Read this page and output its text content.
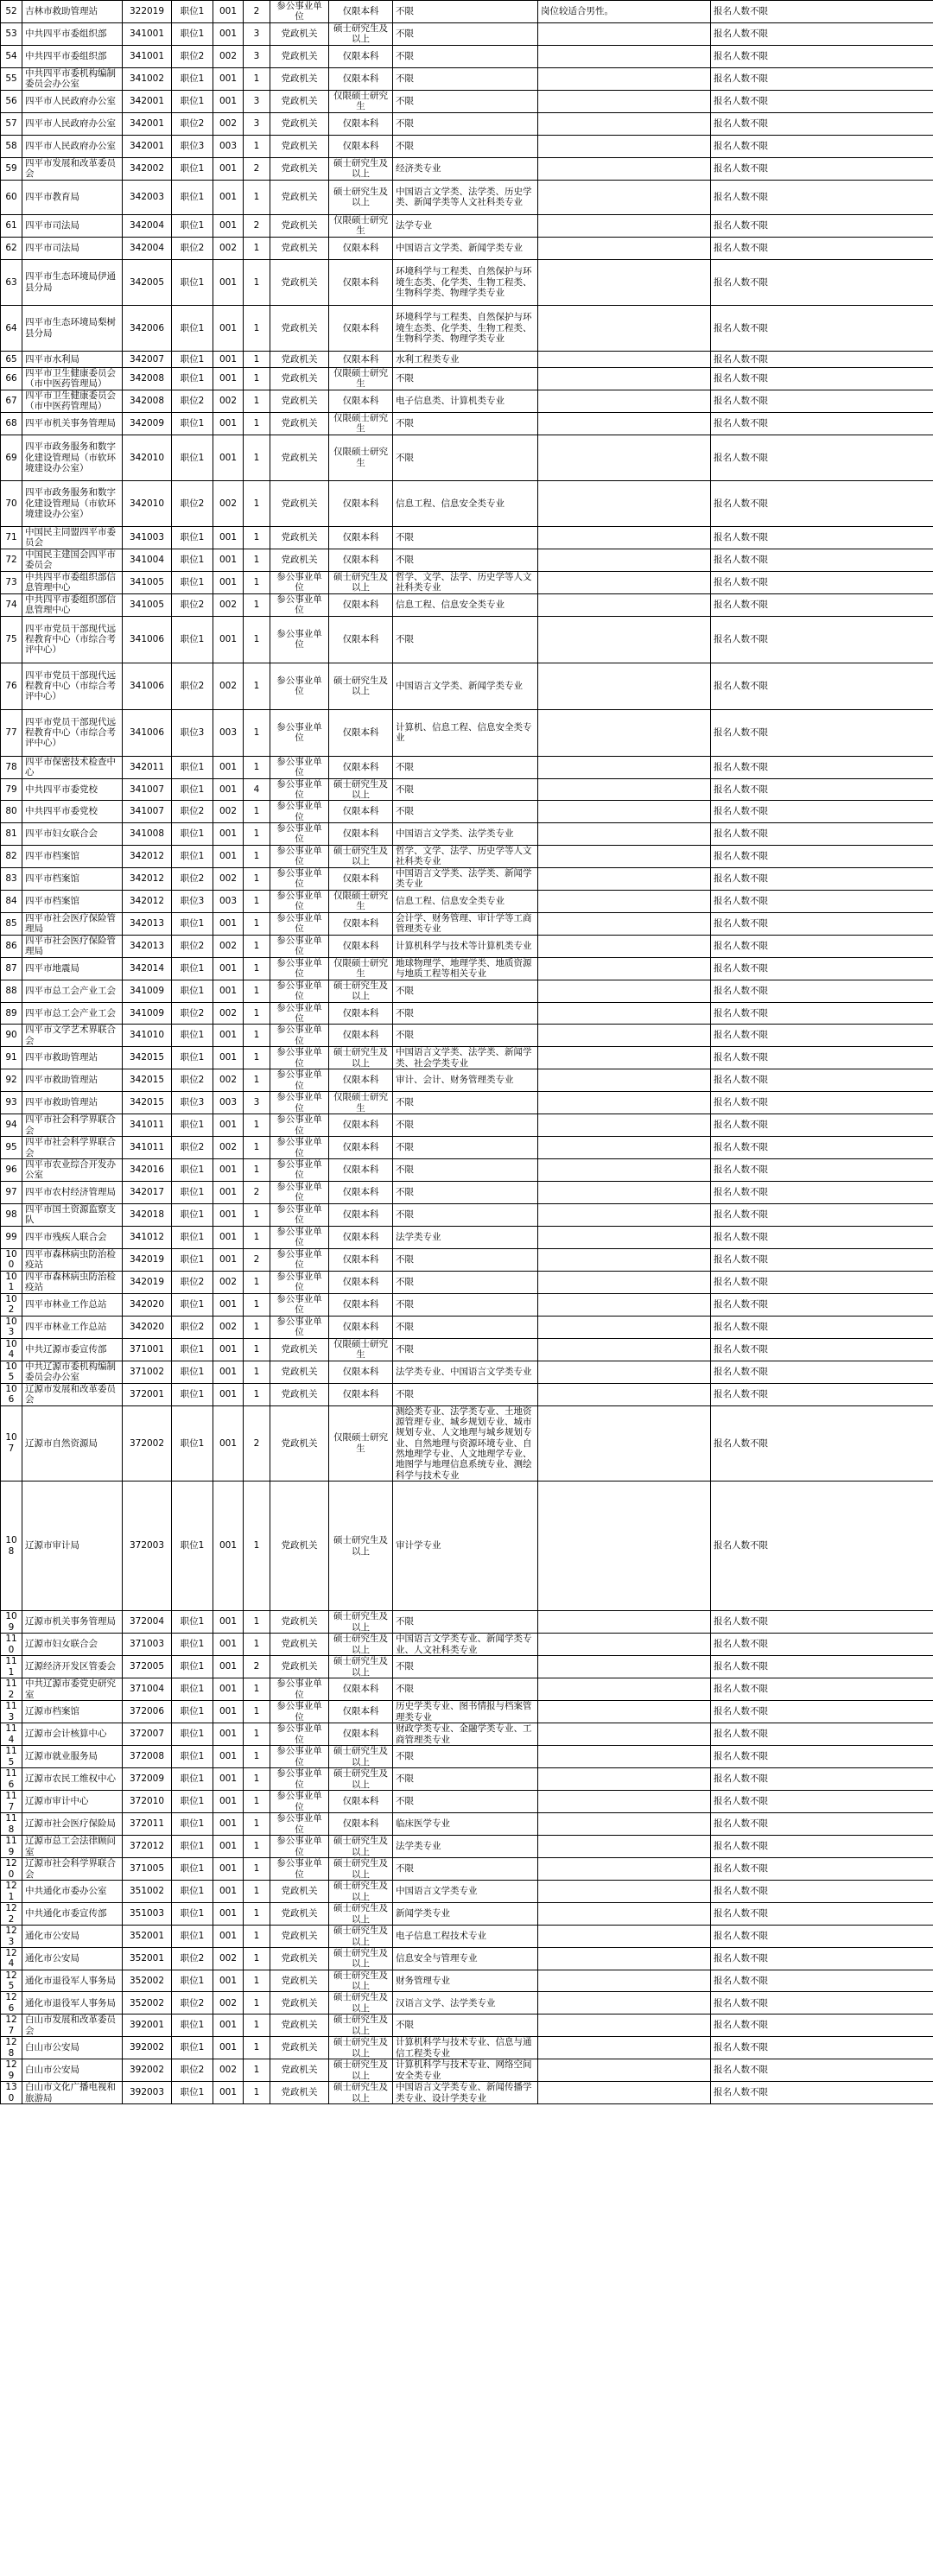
52	吉林市救助管理站	322019	职位1	001	2	参公事业单位	仅限本科	不限	岗位较适合男性。	报名人数不限
53	中共四平市委组织部	341001	职位1	001	3	党政机关	硕士研究生及以上	不限		报名人数不限
54	中共四平市委组织部	341001	职位2	002	3	党政机关	仅限本科	不限		报名人数不限
55	中共四平市委机构编制委员会办公室	341002	职位1	001	1	党政机关	仅限本科	不限		报名人数不限
56	四平市人民政府办公室	342001	职位1	001	3	党政机关	仅限硕士研究生	不限		报名人数不限
57	四平市人民政府办公室	342001	职位2	002	3	党政机关	仅限本科	不限		报名人数不限
58	四平市人民政府办公室	342001	职位3	003	1	党政机关	仅限本科	不限		报名人数不限
59	四平市发展和改革委员会	342002	职位1	001	2	党政机关	硕士研究生及以上	经济类专业		报名人数不限
60	四平市教育局	342003	职位1	001	1	党政机关	硕士研究生及以上	中国语言文学类、法学类、历史学类、新闻学类等人文社科类专业		报名人数不限
61	四平市司法局	342004	职位1	001	2	党政机关	仅限硕士研究生	法学专业		报名人数不限
62	四平市司法局	342004	职位2	002	1	党政机关	仅限本科	中国语言文学类、新闻学类专业		报名人数不限
63	四平市生态环境局伊通县分局	342005	职位1	001	1	党政机关	仅限本科	环境科学与工程类、自然保护与环境生态类、化学类、生物工程类、生物科学类、物理学类专业		报名人数不限
64	四平市生态环境局梨树县分局	342006	职位1	001	1	党政机关	仅限本科	环境科学与工程类、自然保护与环境生态类、化学类、生物工程类、生物科学类、物理学类专业		报名人数不限
65	四平市水利局	342007	职位1	001	1	党政机关	仅限本科	水利工程类专业		报名人数不限
66	四平市卫生健康委员会（市中医药管理局）	342008	职位1	001	1	党政机关	仅限硕士研究生	不限		报名人数不限
67	四平市卫生健康委员会（市中医药管理局）	342008	职位2	002	1	党政机关	仅限本科	电子信息类、计算机类专业		报名人数不限
68	四平市机关事务管理局	342009	职位1	001	1	党政机关	仅限硕士研究生	不限		报名人数不限
69	四平市政务服务和数字化建设管理局（市软环境建设办公室）	342010	职位1	001	1	党政机关	仅限硕士研究生	不限		报名人数不限
70	四平市政务服务和数字化建设管理局（市软环境建设办公室）	342010	职位2	002	1	党政机关	仅限本科	信息工程、信息安全类专业		报名人数不限
71	中国民主同盟四平市委员会	341003	职位1	001	1	党政机关	仅限本科	不限		报名人数不限
72	中国民主建国会四平市委员会	341004	职位1	001	1	党政机关	仅限本科	不限		报名人数不限
73	中共四平市委组织部信息管理中心	341005	职位1	001	1	参公事业单位	硕士研究生及以上	哲学、文学、法学、历史学等人文社科类专业		报名人数不限
74	中共四平市委组织部信息管理中心	341005	职位2	002	1	参公事业单位	仅限本科	信息工程、信息安全类专业		报名人数不限
75	四平市党员干部现代远程教育中心（市综合考评中心）	341006	职位1	001	1	参公事业单位	仅限本科	不限		报名人数不限
76	四平市党员干部现代远程教育中心（市综合考评中心）	341006	职位2	002	1	参公事业单位	硕士研究生及以上	中国语言文学类、新闻学类专业		报名人数不限
77	四平市党员干部现代远程教育中心（市综合考评中心）	341006	职位3	003	1	参公事业单位	仅限本科	计算机、信息工程、信息安全类专业		报名人数不限
78	四平市保密技术检查中心	342011	职位1	001	1	参公事业单位	仅限本科	不限		报名人数不限
79	中共四平市委党校	341007	职位1	001	4	参公事业单位	硕士研究生及以上	不限		报名人数不限
80	中共四平市委党校	341007	职位2	002	1	参公事业单位	仅限本科	不限		报名人数不限
81	四平市妇女联合会	341008	职位1	001	1	参公事业单位	仅限本科	中国语言文学类、法学类专业		报名人数不限
82	四平市档案馆	342012	职位1	001	1	参公事业单位	硕士研究生及以上	哲学、文学、法学、历史学等人文社科类专业		报名人数不限
83	四平市档案馆	342012	职位2	002	1	参公事业单位	仅限本科	中国语言文学类、法学类、新闻学类专业		报名人数不限
84	四平市档案馆	342012	职位3	003	1	参公事业单位	仅限硕士研究生	信息工程、信息安全类专业		报名人数不限
85	四平市社会医疗保险管理局	342013	职位1	001	1	参公事业单位	仅限本科	会计学、财务管理、审计学等工商管理类专业		报名人数不限
86	四平市社会医疗保险管理局	342013	职位2	002	1	参公事业单位	仅限本科	计算机科学与技术等计算机类专业		报名人数不限
87	四平市地震局	342014	职位1	001	1	参公事业单位	仅限硕士研究生	地球物理学、地理学类、地质资源与地质工程等相关专业		报名人数不限
88	四平市总工会产业工会	341009	职位1	001	1	参公事业单位	硕士研究生及以上	不限		报名人数不限
89	四平市总工会产业工会	341009	职位2	002	1	参公事业单位	仅限本科	不限		报名人数不限
90	四平市文学艺术界联合会	341010	职位1	001	1	参公事业单位	仅限本科	不限		报名人数不限
91	四平市救助管理站	342015	职位1	001	1	参公事业单位	硕士研究生及以上	中国语言文学类、法学类、新闻学类、社会学类专业		报名人数不限
92	四平市救助管理站	342015	职位2	002	1	参公事业单位	仅限本科	审计、会计、财务管理类专业		报名人数不限
93	四平市救助管理站	342015	职位3	003	3	参公事业单位	仅限硕士研究生	不限		报名人数不限
94	四平市社会科学界联合会	341011	职位1	001	1	参公事业单位	仅限本科	不限		报名人数不限
95	四平市社会科学界联合会	341011	职位2	002	1	参公事业单位	仅限本科	不限		报名人数不限
96	四平市农业综合开发办公室	342016	职位1	001	1	参公事业单位	仅限本科	不限		报名人数不限
97	四平市农村经济管理局	342017	职位1	001	2	参公事业单位	仅限本科	不限		报名人数不限
98	四平市国土资源监察支队	342018	职位1	001	1	参公事业单位	仅限本科	不限		报名人数不限
99	四平市残疾人联合会	341012	职位1	001	1	参公事业单位	仅限本科	法学类专业		报名人数不限
100	四平市森林病虫防治检疫站	342019	职位1	001	2	参公事业单位	仅限本科	不限		报名人数不限
101	四平市森林病虫防治检疫站	342019	职位2	002	1	参公事业单位	仅限本科	不限		报名人数不限
102	四平市林业工作总站	342020	职位1	001	1	参公事业单位	仅限本科	不限		报名人数不限
103	四平市林业工作总站	342020	职位2	002	1	参公事业单位	仅限本科	不限		报名人数不限
104	中共辽源市委宣传部	371001	职位1	001	1	党政机关	仅限硕士研究生	不限		报名人数不限
105	中共辽源市委机构编制委员会办公室	371002	职位1	001	1	党政机关	仅限本科	法学类专业、中国语言文学类专业		报名人数不限
106	辽源市发展和改革委员会	372001	职位1	001	1	党政机关	仅限本科	不限		报名人数不限
107	辽源市自然资源局	372002	职位1	001	2	党政机关	仅限硕士研究生	测绘类专业、法学类专业、土地资源管理专业、城乡规划专业、城市规划专业、人文地理与城乡规划专业、自然地理与资源环境专业、自然地理学专业、人文地理学专业、地图学与地理信息系统专业、测绘科学与技术专业		报名人数不限
108	辽源市审计局	372003	职位1	001	1	党政机关	硕士研究生及以上	审计学专业		报名人数不限
109	辽源市机关事务管理局	372004	职位1	001	1	党政机关	硕士研究生及以上	不限		报名人数不限
110	辽源市妇女联合会	371003	职位1	001	1	党政机关	硕士研究生及以上	中国语言文学类专业、新闻学类专业、人文社科类专业		报名人数不限
111	辽源经济开发区管委会	372005	职位1	001	2	党政机关	硕士研究生及以上	不限		报名人数不限
112	中共辽源市委党史研究室	371004	职位1	001	1	参公事业单位	仅限本科	不限		报名人数不限
113	辽源市档案馆	372006	职位1	001	1	参公事业单位	仅限本科	历史学类专业、图书情报与档案管理类专业		报名人数不限
114	辽源市会计核算中心	372007	职位1	001	1	参公事业单位	仅限本科	财政学类专业、金融学类专业、工商管理类专业		报名人数不限
115	辽源市就业服务局	372008	职位1	001	1	参公事业单位	硕士研究生及以上	不限		报名人数不限
116	辽源市农民工维权中心	372009	职位1	001	1	参公事业单位	硕士研究生及以上	不限		报名人数不限
117	辽源市审计中心	372010	职位1	001	1	参公事业单位	仅限本科	不限		报名人数不限
118	辽源市社会医疗保险局	372011	职位1	001	1	参公事业单位	仅限本科	临床医学专业		报名人数不限
119	辽源市总工会法律顾问室	372012	职位1	001	1	参公事业单位	硕士研究生及以上	法学类专业		报名人数不限
120	辽源市社会科学界联合会	371005	职位1	001	1	参公事业单位	硕士研究生及以上	不限		报名人数不限
121	中共通化市委办公室	351002	职位1	001	1	党政机关	硕士研究生及以上	中国语言文学类专业		报名人数不限
122	中共通化市委宣传部	351003	职位1	001	1	党政机关	硕士研究生及以上	新闻学类专业		报名人数不限
123	通化市公安局	352001	职位1	001	1	党政机关	硕士研究生及以上	电子信息工程技术专业		报名人数不限
124	通化市公安局	352001	职位2	002	1	党政机关	硕士研究生及以上	信息安全与管理专业		报名人数不限
125	通化市退役军人事务局	352002	职位1	001	1	党政机关	硕士研究生及以上	财务管理专业		报名人数不限
126	通化市退役军人事务局	352002	职位2	002	1	党政机关	硕士研究生及以上	汉语言文学、法学类专业		报名人数不限
127	白山市发展和改革委员会	392001	职位1	001	1	党政机关	硕士研究生及以上	不限		报名人数不限
128	白山市公安局	392002	职位1	001	1	党政机关	硕士研究生及以上	计算机科学与技术专业、信息与通信工程类专业		报名人数不限
129	白山市公安局	392002	职位2	002	1	党政机关	硕士研究生及以上	计算机科学与技术专业、网络空间安全类专业		报名人数不限
130	白山市文化广播电视和旅游局	392003	职位1	001	1	党政机关	硕士研究生及以上	中国语言文学类专业、新闻传播学类专业、设计学类专业		报名人数不限
